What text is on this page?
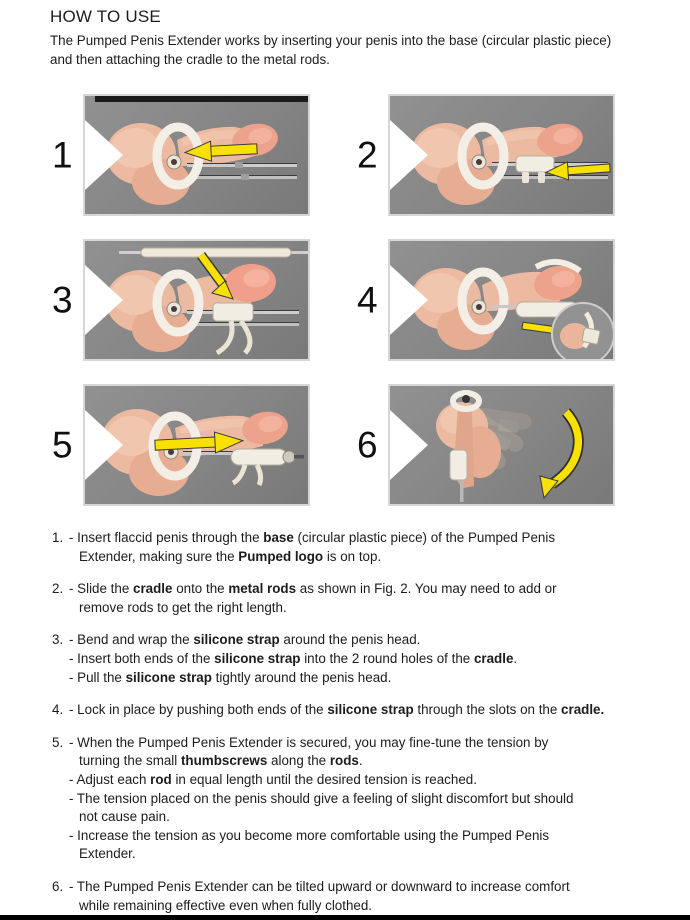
HOW TO USE

The Pumped Penis Extender works by inserting your penis into the base (circular plastic piece) and then attaching the cradle to the metal rods.

1	2
3	4
5	6
1. - Insert flaccid penis through the base (circular plastic piece) of the Pumped Penis

Extender, making sure the Pumped logo is on top.

2. - Slide the cradle onto the metal rods as shown in Fig. 2. You may need to add or

remove rods to get the right length.

3. - Bend and wrap the silicone strap around the penis head.

- Insert both ends of the silicone strap into the 2 round holes of the cradle.

- Pull the silicone strap tightly around the penis head.

4. - Lock in place by pushing both ends of the silicone strap through the slots on the cradle.

5. - When the Pumped Penis Extender is secured, you may fine-tune the tension by

turning the small thumbscrews along the rods.

- Adjust each rod in equal length until the desired tension is reached.

- The tension placed on the penis should give a feeling of slight discomfort but should

not cause pain.

- Increase the tension as you become more comfortable using the Pumped Penis

Extender.

6. - The Pumped Penis Extender can be tilted upward or downward to increase comfort

while remaining effective even when fully clothed.
